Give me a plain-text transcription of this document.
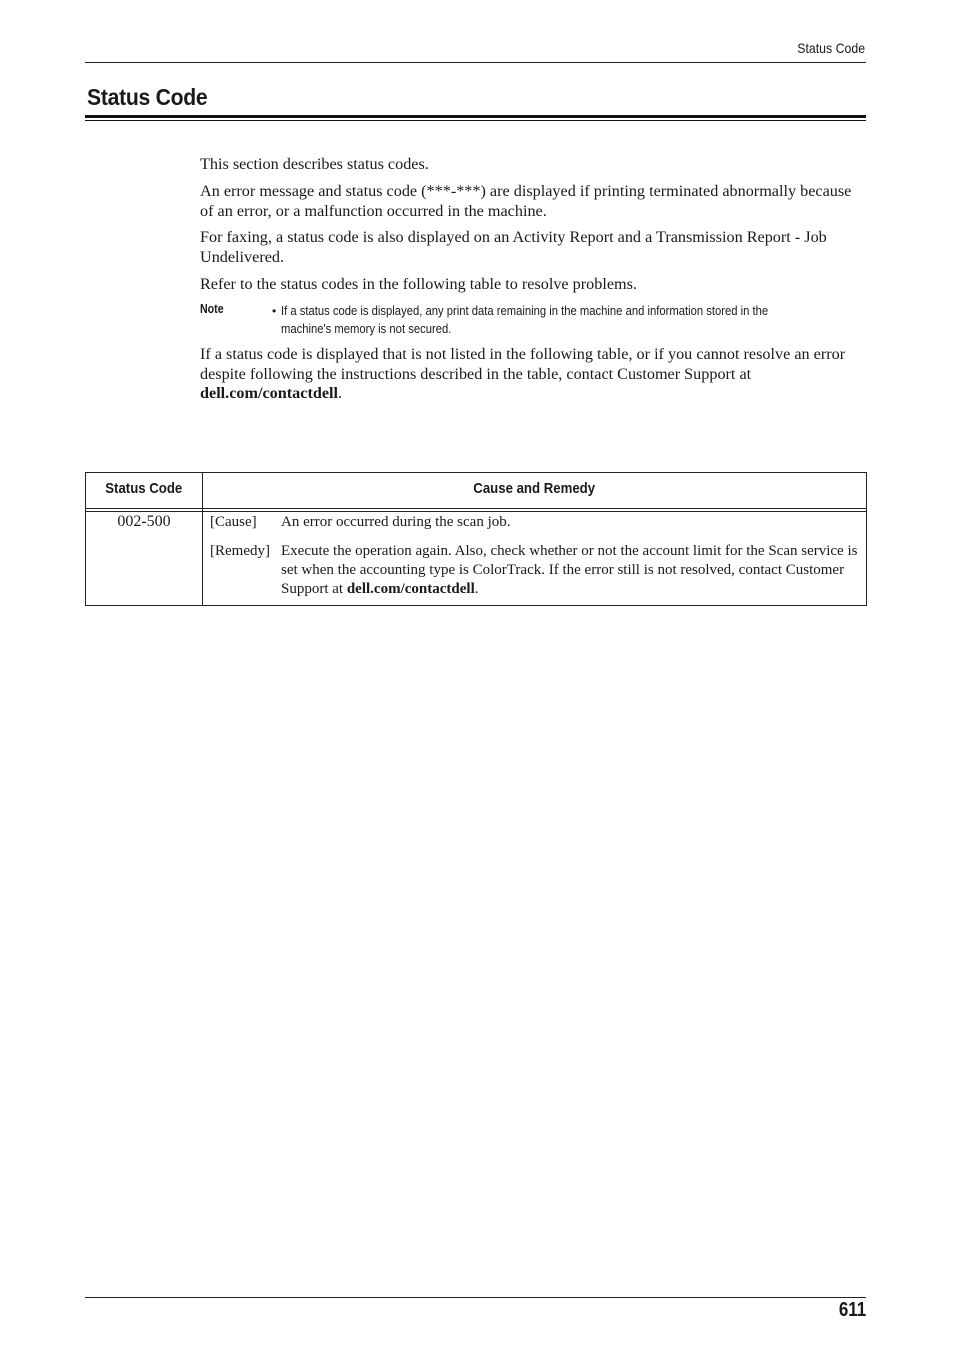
Status Code
Status Code

This section describes status codes.

An error message and status code (***-***) are displayed if printing terminated abnormally because of an error, or a malfunction occurred in the machine.

For faxing, a status code is also displayed on an Activity Report and a Transmission Report - Job Undelivered.

Refer to the status codes in the following table to resolve problems.

Note	• If a status code is displayed, any print data remaining in the machine and information stored in the machine's memory is not secured.

If a status code is displayed that is not listed in the following table, or if you cannot resolve an error despite following the instructions described in the table, contact Customer Support at dell.com/contactdell.

Status Code	Cause and Remedy
002-500	[Cause] An error occurred during the scan job.
[Remedy] Execute the operation again. Also, check whether or not the account limit for the Scan service is set when the accounting type is ColorTrack. If the error still is not resolved, contact Customer Support at dell.com/contactdell.
611
